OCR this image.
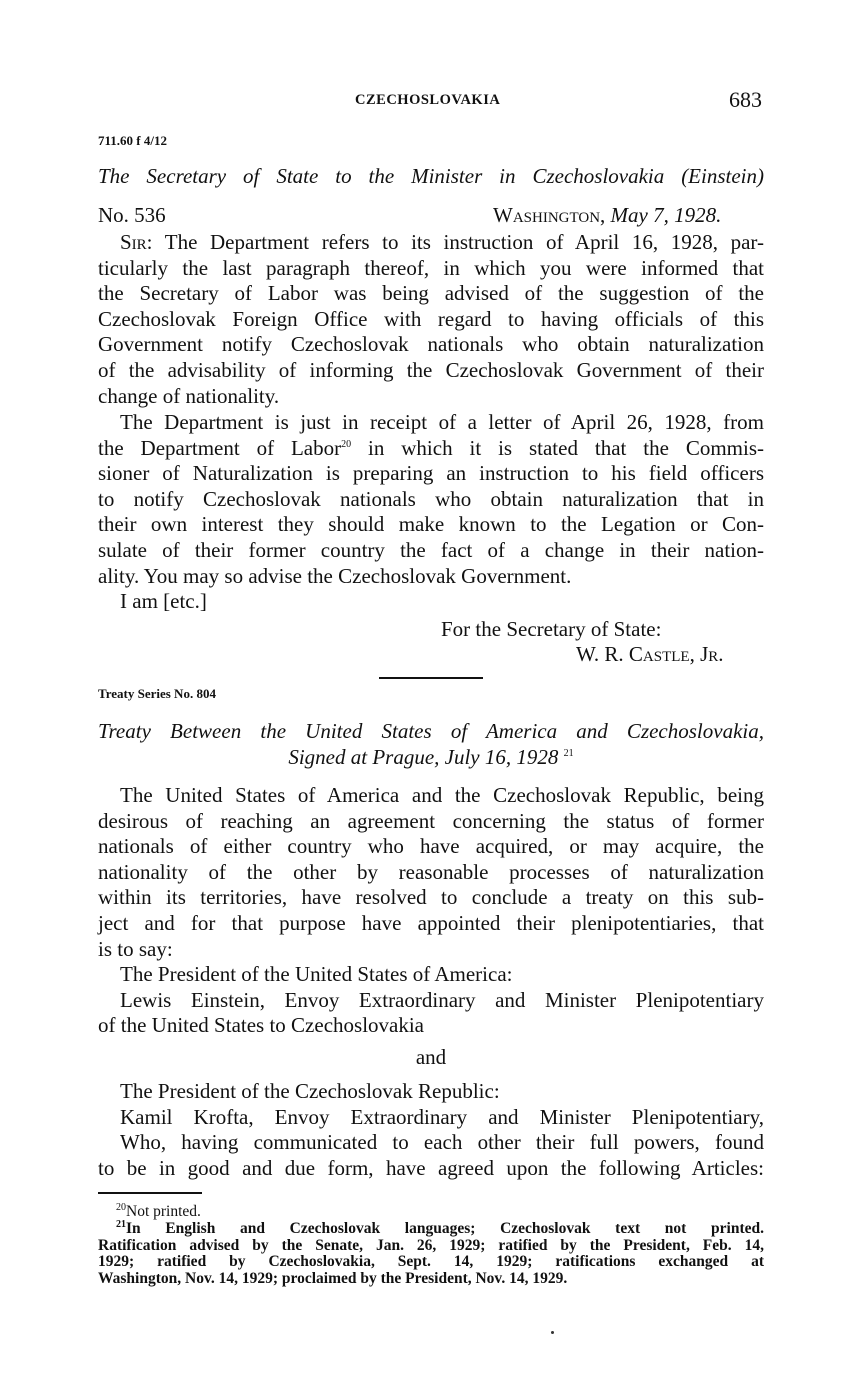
CZECHOSLOVAKIA	683
711.60 f 4/12
The Secretary of State to the Minister in Czechoslovakia (Einstein)
No. 536	Washington, May 7, 1928.
Sir: The Department refers to its instruction of April 16, 1928, par-
ticularly the last paragraph thereof, in which you were informed that
the Secretary of Labor was being advised of the suggestion of the
Czechoslovak Foreign Office with regard to having officials of this
Government notify Czechoslovak nationals who obtain naturalization
of the advisability of informing the Czechoslovak Government of their
change of nationality.
The Department is just in receipt of a letter of April 26, 1928, from
the Department of Labor$^{20}$ in which it is stated that the Commis-
sioner of Naturalization is preparing an instruction to his field officers
to notify Czechoslovak nationals who obtain naturalization that in
their own interest they should make known to the Legation or Con-
sulate of their former country the fact of a change in their nation-
ality. You may so advise the Czechoslovak Government.
I am [etc.]
For the Secretary of State:
W. R. Castle, Jr.
Treaty Series No. 804
Treaty Between the United States of America and Czechoslovakia,
Signed at Prague, July 16, 1928 $^{21}$
The United States of America and the Czechoslovak Republic, being
desirous of reaching an agreement concerning the status of former
nationals of either country who have acquired, or may acquire, the
nationality of the other by reasonable processes of naturalization
within its territories, have resolved to conclude a treaty on this sub-
ject and for that purpose have appointed their plenipotentiaries, that
is to say:
The President of the United States of America:
Lewis Einstein, Envoy Extraordinary and Minister Plenipotentiary
of the United States to Czechoslovakia
and
The President of the Czechoslovak Republic:
Kamil Krofta, Envoy Extraordinary and Minister Plenipotentiary,
Who, having communicated to each other their full powers, found
to be in good and due form, have agreed upon the following Articles:
$^{20}$Not printed.
$^{21}$In English and Czechoslovak languages; Czechoslovak text not printed.
Ratification advised by the Senate, Jan. 26, 1929; ratified by the President, Feb. 14,
1929; ratified by Czechoslovakia, Sept. 14, 1929; ratifications exchanged at
Washington, Nov. 14, 1929; proclaimed by the President, Nov. 14, 1929.
